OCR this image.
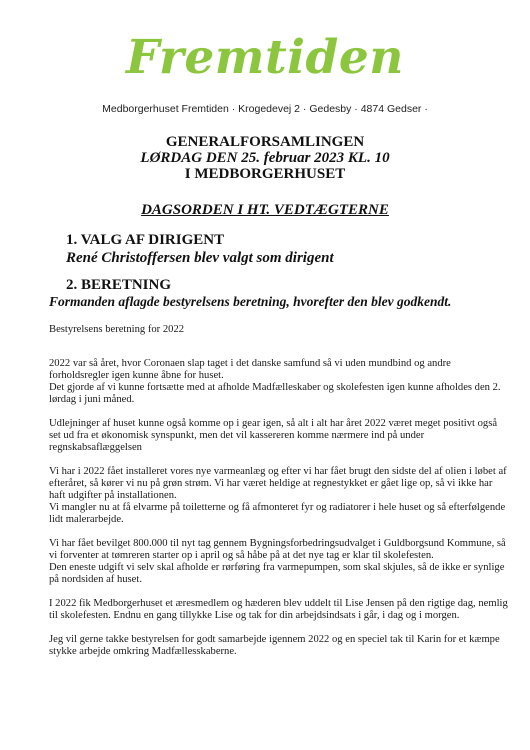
Fremtiden
Medborgerhuset Fremtiden · Krogedevej 2 · Gedesby · 4874 Gedser ·
GENERALFORSAMLINGEN
LØRDAG DEN 25. februar 2023 KL. 10
I MEDBORGERHUSET
DAGSORDEN I HT. VEDTÆGTERNE
1. VALG AF DIRIGENT
René Christoffersen blev valgt som dirigent
2. BERETNING
Formanden aflagde bestyrelsens beretning, hvorefter den blev godkendt.

Bestyrelsens beretning for 2022

2022 var så året, hvor Coronaen slap taget i det danske samfund så vi uden mundbind og andre forholdsregler igen kunne åbne for huset.
Det gjorde af vi kunne fortsætte med at afholde Madfælleskaber og skolefesten igen kunne afholdes den 2. lørdag i juni måned.

Udlejninger af huset kunne også komme op i gear igen, så alt i alt har året 2022 været meget positivt også set ud fra et økonomisk synspunkt, men det vil kassereren komme nærmere ind på under regnskabsaflæggelsen

Vi har i 2022 fået installeret vores nye varmeanlæg og efter vi har fået brugt den sidste del af olien i løbet af efteråret, så kører vi nu på grøn strøm. Vi har været heldige at regnestykket er gået lige op, så vi ikke har haft udgifter på installationen.
Vi mangler nu at få elvarme på toiletterne og få afmonteret fyr og radiatorer i hele huset og så efterfølgende lidt malerarbejde.

Vi har fået bevilget 800.000 til nyt tag gennem Bygningsforbedringsudvalget i Guldborgsund Kommune, så vi forventer at tømreren starter op i april og så håbe på at det nye tag er klar til skolefesten.
Den eneste udgift vi selv skal afholde er rørføring fra varmepumpen, som skal skjules, så de ikke er synlige på nordsiden af huset.

I 2022 fik Medborgerhuset et æresmedlem og hæderen blev uddelt til Lise Jensen på den rigtige dag, nemlig til skolefesten. Endnu en gang tillykke Lise og tak for din arbejdsindsats i går, i dag og i morgen.

Jeg vil gerne takke bestyrelsen for godt samarbejde igennem 2022 og en speciel tak til Karin for et kæmpe stykke arbejde omkring Madfællesskaberne.
